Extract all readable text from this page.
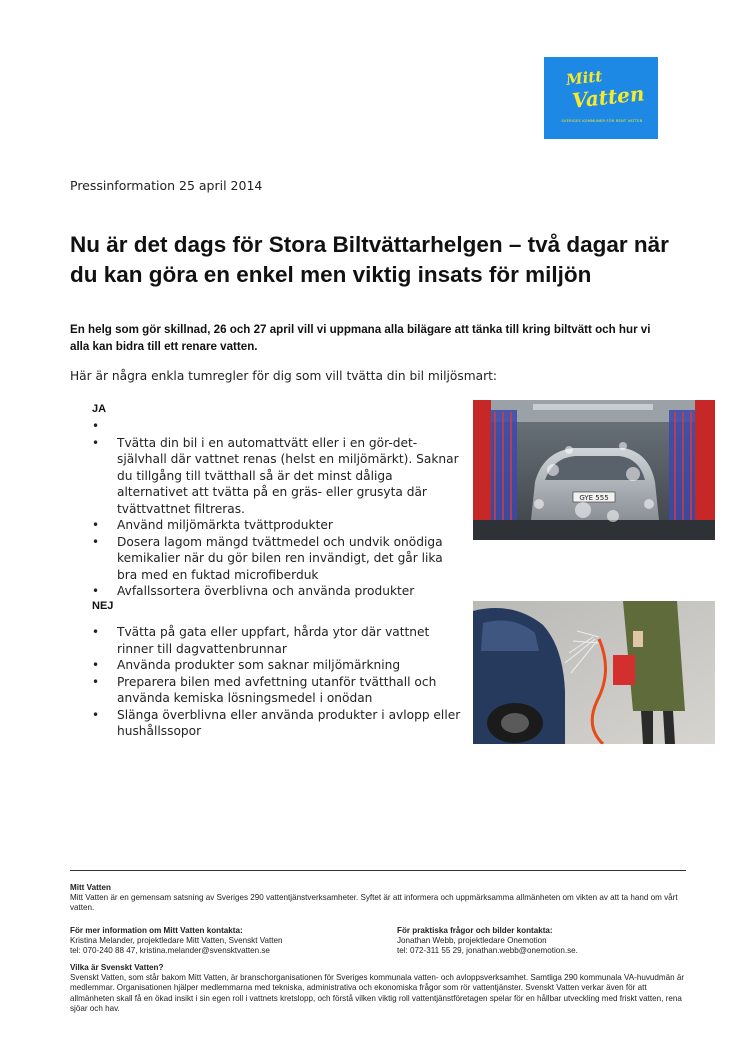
Mitt
Vatten
SVERIGES KOMMUNER FÖR RENT VATTEN
Pressinformation 25 april 2014
Nu är det dags för Stora Biltvättarhelgen – två dagar när du kan göra en enkel men viktig insats för miljön

En helg som gör skillnad, 26 och 27 april vill vi uppmana alla bilägare att tänka till kring biltvätt och hur vi alla kan bidra till ett renare vatten.

Här är några enkla tumregler för dig som vill tvätta din bil miljösmart:
JA
•
• Tvätta din bil i en automattvätt eller i en gör-det-självhall där vattnet renas (helst en miljömärkt). Saknar du tillgång till tvätthall så är det minst dåliga alternativet att tvätta på en gräs- eller grusyta där tvättvattnet filtreras.
• Använd miljömärkta tvättprodukter
• Dosera lagom mängd tvättmedel och undvik onödiga kemikalier när du gör bilen ren invändigt, det går lika bra med en fuktad microfiberduk
• Avfallssortera överblivna och använda produkter
NEJ
• Tvätta på gata eller uppfart, hårda ytor där vattnet rinner till dagvattenbrunnar
• Använda produkter som saknar miljömärkning
• Preparera bilen med avfettning utanför tvätthall och använda kemiska lösningsmedel i onödan
• Slänga överblivna eller använda produkter i avlopp eller hushållssopor
GYE 555

Mitt Vatten
Mitt Vatten är en gemensam satsning av Sveriges 290 vattentjänstverksamheter. Syftet är att informera och uppmärksamma allmänheten om vikten av att ta hand om vårt vatten.

För mer information om Mitt Vatten kontakta:
Kristina Melander, projektledare Mitt Vatten, Svenskt Vatten
tel: 070-240 88 47, kristina.melander@svensktvatten.se

För praktiska frågor och bilder kontakta:
Jonathan Webb, projektledare Onemotion
tel: 072-311 55 29, jonathan.webb@onemotion.se.

Vilka är Svenskt Vatten?
Svenskt Vatten, som står bakom Mitt Vatten, är branschorganisationen för Sveriges kommunala vatten- och avloppsverksamhet. Samtliga 290 kommunala VA-huvudmän är medlemmar. Organisationen hjälper medlemmarna med tekniska, administrativa och ekonomiska frågor som rör vattentjänster. Svenskt Vatten verkar även för att allmänheten skall få en ökad insikt i sin egen roll i vattnets kretslopp, och förstå vilken viktig roll vattentjänstföretagen spelar för en hållbar utveckling med friskt vatten, rena sjöar och hav.
